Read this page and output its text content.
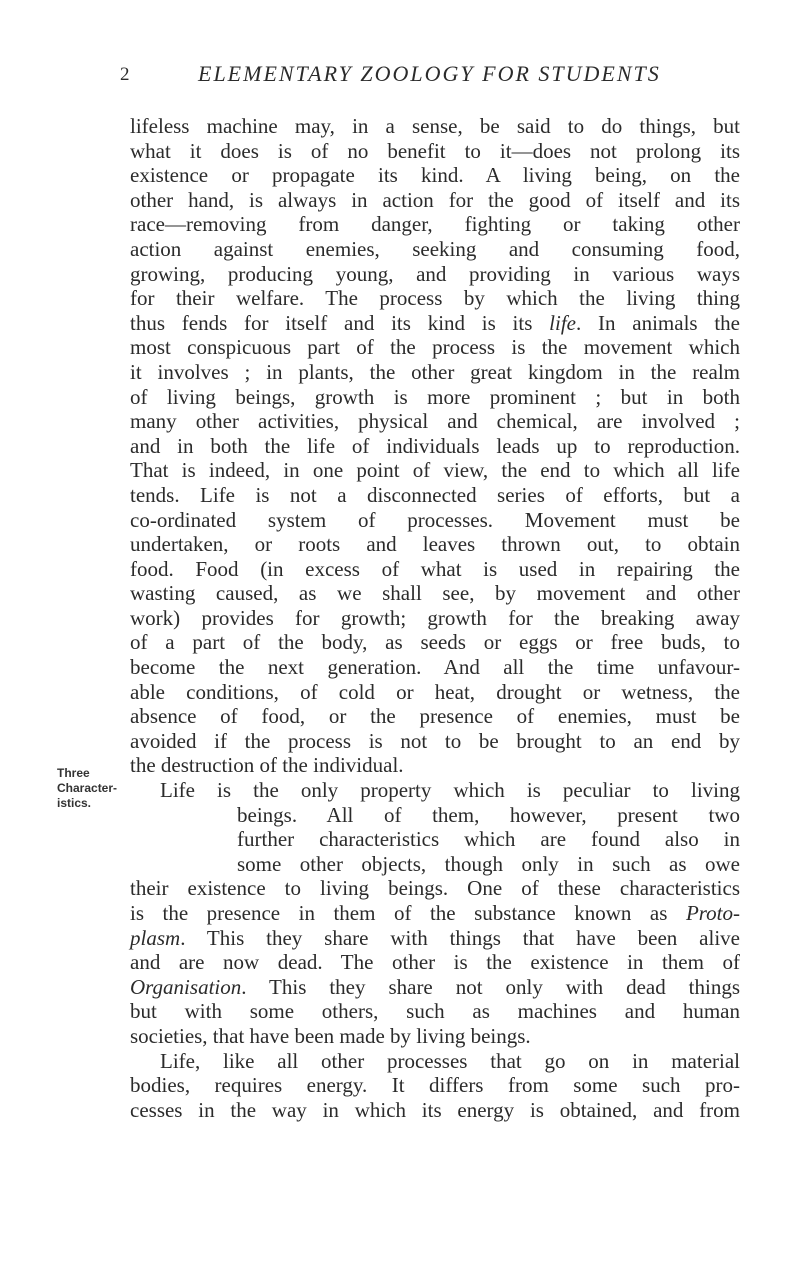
2	ELEMENTARY ZOOLOGY FOR STUDENTS
Three
Character-
istics.
lifeless machine may, in a sense, be said to do things, but
what it does is of no benefit to it—does not prolong its
existence or propagate its kind. A living being, on the
other hand, is always in action for the good of itself and its
race—removing from danger, fighting or taking other
action against enemies, seeking and consuming food,
growing, producing young, and providing in various ways
for their welfare. The process by which the living thing
thus fends for itself and its kind is its life. In animals the
most conspicuous part of the process is the movement which
it involves ; in plants, the other great kingdom in the realm
of living beings, growth is more prominent ; but in both
many other activities, physical and chemical, are involved ;
and in both the life of individuals leads up to reproduction.
That is indeed, in one point of view, the end to which all life
tends. Life is not a disconnected series of efforts, but a
co-ordinated system of processes. Movement must be
undertaken, or roots and leaves thrown out, to obtain
food. Food (in excess of what is used in repairing the
wasting caused, as we shall see, by movement and other
work) provides for growth; growth for the breaking away
of a part of the body, as seeds or eggs or free buds, to
become the next generation. And all the time unfavour-
able conditions, of cold or heat, drought or wetness, the
absence of food, or the presence of enemies, must be
avoided if the process is not to be brought to an end by
the destruction of the individual.
Life is the only property which is peculiar to living
beings. All of them, however, present two
further characteristics which are found also in
some other objects, though only in such as owe
their existence to living beings. One of these characteristics
is the presence in them of the substance known as Proto-
plasm. This they share with things that have been alive
and are now dead. The other is the existence in them of
Organisation. This they share not only with dead things
but with some others, such as machines and human
societies, that have been made by living beings.
Life, like all other processes that go on in material
bodies, requires energy. It differs from some such pro-
cesses in the way in which its energy is obtained, and from
